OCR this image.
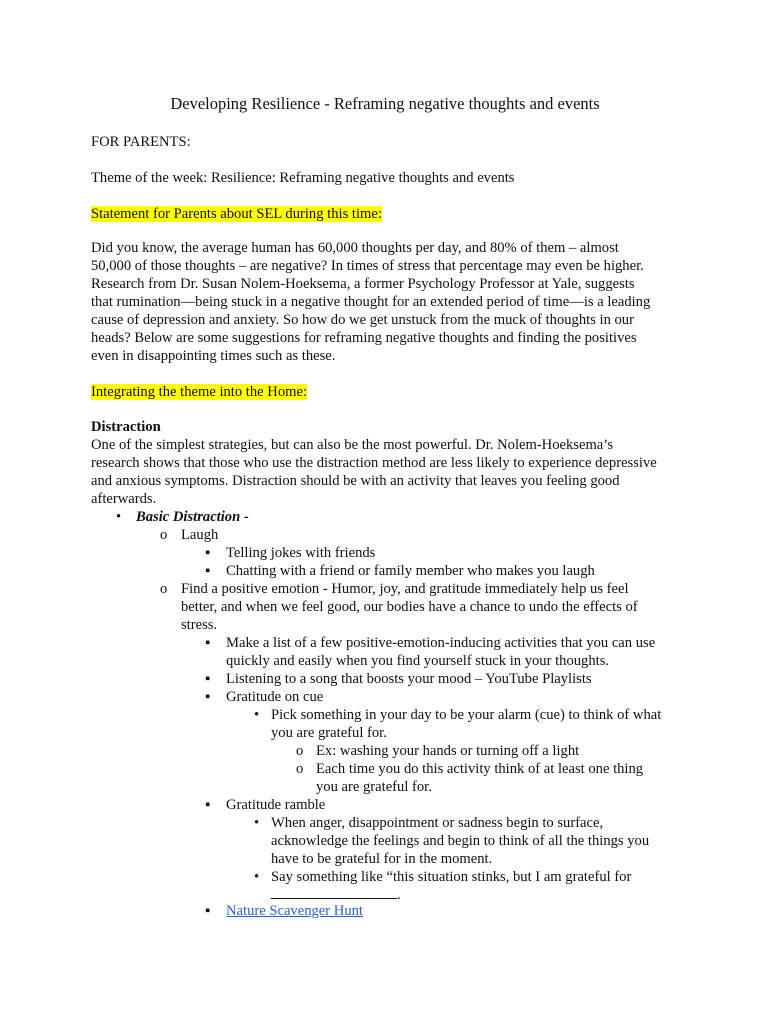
Developing Resilience - Reframing negative thoughts and events
FOR PARENTS:
Theme of the week: Resilience: Reframing negative thoughts and events
Statement for Parents about SEL during this time:
Did you know, the average human has 60,000 thoughts per day, and 80% of them – almost
50,000 of those thoughts – are negative? In times of stress that percentage may even be higher.
Research from Dr. Susan Nolem-Hoeksema, a former Psychology Professor at Yale, suggests
that rumination—being stuck in a negative thought for an extended period of time—is a leading
cause of depression and anxiety. So how do we get unstuck from the muck of thoughts in our
heads? Below are some suggestions for reframing negative thoughts and finding the positives
even in disappointing times such as these.
Integrating the theme into the Home:
Distraction
One of the simplest strategies, but can also be the most powerful. Dr. Nolem-Hoeksema’s
research shows that those who use the distraction method are less likely to experience depressive
and anxious symptoms. Distraction should be with an activity that leaves you feeling good
afterwards.
• Basic Distraction -
o Laugh
▪ Telling jokes with friends
▪ Chatting with a friend or family member who makes you laugh
o Find a positive emotion - Humor, joy, and gratitude immediately help us feel
better, and when we feel good, our bodies have a chance to undo the effects of
stress.
▪ Make a list of a few positive-emotion-inducing activities that you can use
quickly and easily when you find yourself stuck in your thoughts.
▪ Listening to a song that boosts your mood – YouTube Playlists
▪ Gratitude on cue
• Pick something in your day to be your alarm (cue) to think of what
you are grateful for.
o Ex: washing your hands or turning off a light
o Each time you do this activity think of at least one thing
you are grateful for.
▪ Gratitude ramble
• When anger, disappointment or sadness begin to surface,
acknowledge the feelings and begin to think of all the things you
have to be grateful for in the moment.
• Say something like “this situation stinks, but I am grateful for
.
▪ Nature Scavenger Hunt
